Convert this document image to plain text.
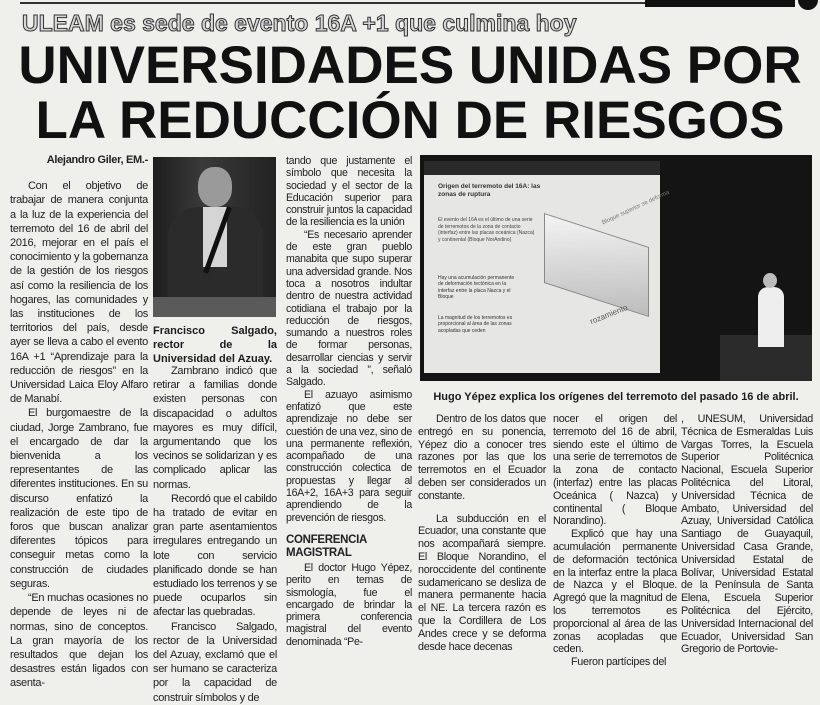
ULEAM es sede de evento 16A +1 que culmina hoy
UNIVERSIDADES UNIDAS POR
LA REDUCCIÓN DE RIESGOS
Alejandro Giler, EM.-

Con el objetivo de trabajar de manera conjunta a la luz de la experiencia del terremoto del 16 de abril del 2016, mejorar en el país el conocimiento y la gobernanza de la gestión de los riesgos así como la resiliencia de los hogares, las comunidades y las instituciones de los territorios del país, desde ayer se lleva a cabo el evento 16A +1 “Aprendizaje para la reducción de riesgos” en la Universidad Laica Eloy Alfaro de Manabí.

El burgomaestre de la ciudad, Jorge Zambrano, fue el encargado de dar la bienvenida a los representantes de las diferentes instituciones. En su discurso enfatizó la realización de este tipo de foros que buscan analizar diferentes tópicos para conseguir metas como la construcción de ciudades seguras.

“En muchas ocasiones no depende de leyes ni de normas, sino de conceptos. La gran mayoría de los resultados que dejan los desastres están ligados con asenta-

Francisco Salgado, rector de la Universidad del Azuay.

Zambrano indicó que retirar a familias donde existen personas con discapacidad o adultos mayores es muy difícil, argumentando que los vecinos se solidarizan y es complicado aplicar las normas.

Recordó que el cabildo ha tratado de evitar en gran parte asentamientos irregulares entregando un lote con servicio planificado donde se han estudiado los terrenos y se puede ocuparlos sin afectar las quebradas.

Francisco Salgado, rector de la Universidad del Azuay, exclamó que el ser humano se caracteriza por la capacidad de construir símbolos y de

tando que justamente el símbolo que necesita la sociedad y el sector de la Educación superior para construir juntos la capacidad de la resiliencia es la unión

“Es necesario aprender de este gran pueblo manabita que supo superar una adversidad grande. Nos toca a nosotros indultar dentro de nuestra actividad cotidiana el trabajo por la reducción de riesgos, sumando a nuestros roles de formar personas, desarrollar ciencias y servir a la sociedad ”, señaló Salgado.

El azuayo asimismo enfatizó que este aprendizaje no debe ser cuestión de una vez, sino de una permanente reflexión, acompañado de una construcción colectica de propuestas y llegar al 16A+2, 16A+3 para seguir aprendiendo de la prevención de riesgos.

CONFERENCIA MAGISTRAL

El doctor Hugo Yépez, perito en temas de sismología, fue el encargado de brindar la primera conferencia magistral del evento denominada “Pe-

Origen del terremoto del 16A: las zonas de ruptura
El evento del 16A es el último de una serie de terremotos de la zona de contacto (interfaz) entre las placas oceánica (Nazca) y continental (Bloque NorAndino)
Hay una acumulación permanente de deformación tectónica en la interfaz entre la placa Nazca y el Bloque
La magnitud de los terremotos es proporcional al área de las zonas acopladas que ceden
Bloque superior se deforma
rozamiento
Hugo Yépez explica los orígenes del terremoto del pasado 16 de abril.

Dentro de los datos que entregó en su ponencia, Yépez dio a conocer tres razones por las que los terremotos en el Ecuador deben ser considerados un constante.

La subducción en el Ecuador, una constante que nos acompañará siempre. El Bloque Norandino, el noroccidente del continente sudamericano se desliza de manera permanente hacia el NE. La tercera razón es que la Cordillera de Los Andes crece y se deforma desde hace decenas

nocer el origen del terremoto del 16 de abril, siendo este el último de una serie de terremotos de la zona de contacto (interfaz) entre las placas Oceánica ( Nazca) y continental ( Bloque Norandino).

Explicó que hay una acumulación permanente de deformación tectónica en la interfaz entre la placa de Nazca y el Bloque. Agregó que la magnitud de los terremotos es proporcional al área de las zonas acopladas que ceden.

Fueron partícipes del

, UNESUM, Universidad Técnica de Esmeraldas Luis Vargas Torres, la Escuela Superior Politécnica Nacional, Escuela Superior Politécnica del Litoral, Universidad Técnica de Ambato, Universidad del Azuay, Universidad Católica Santiago de Guayaquil, Universidad Casa Grande, Universidad Estatal de Bolívar, Universidad Estatal de la Península de Santa Elena, Escuela Superior Politécnica del Ejército, Universidad Internacional del Ecuador, Universidad San Gregorio de Portovie-
